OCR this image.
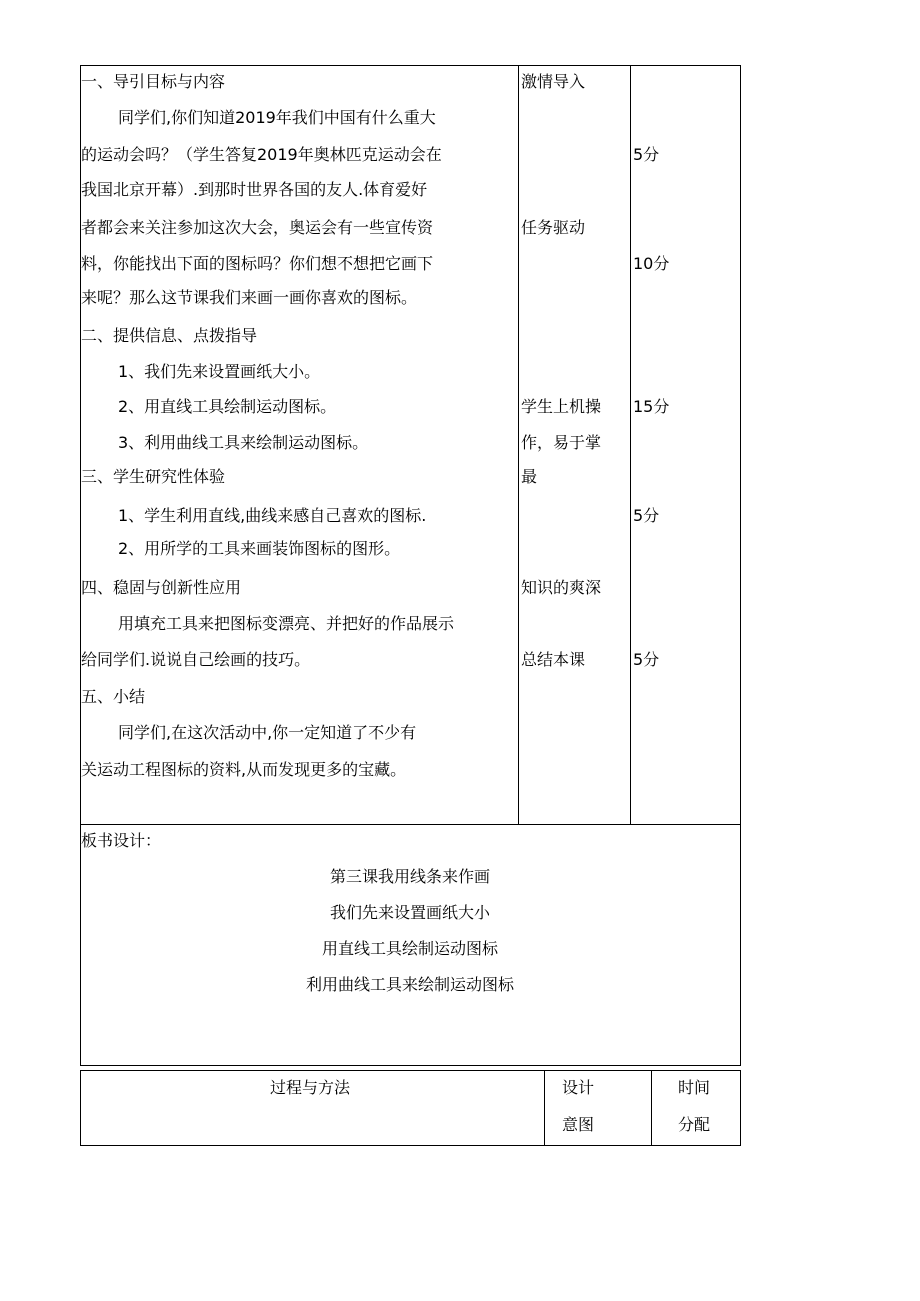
一、导引目标与内容
同学们,你们知道2019年我们中国有什么重大
的运动会吗？（学生答复2019年奥林匹克运动会在
我国北京开幕）.到那时世界各国的友人.体育爱好
者都会来关注参加这次大会，奥运会有一些宣传资
料，你能找出下面的图标吗？你们想不想把它画下
来呢？那么这节课我们来画一画你喜欢的图标。
二、提供信息、点拨指导
1、我们先来设置画纸大小。
2、用直线工具绘制运动图标。
3、利用曲线工具来绘制运动图标。
三、学生研究性体验
1、学生利用直线,曲线来感自己喜欢的图标.
2、用所学的工具来画装饰图标的图形。
四、稳固与创新性应用
用填充工具来把图标变漂亮、并把好的作品展示
给同学们.说说自己绘画的技巧。
五、小结
同学们,在这次活动中,你一定知道了不少有
关运动工程图标的资料,从而发现更多的宝藏。
激情导入
任务驱动
学生上机操
作，易于掌
最
知识的爽深
总结本课
5分
10分
15分
5分
5分
板书设计：
第三课我用线条来作画
我们先来设置画纸大小
用直线工具绘制运动图标
利用曲线工具来绘制运动图标
过程与方法	设计
意图
时间
分配
